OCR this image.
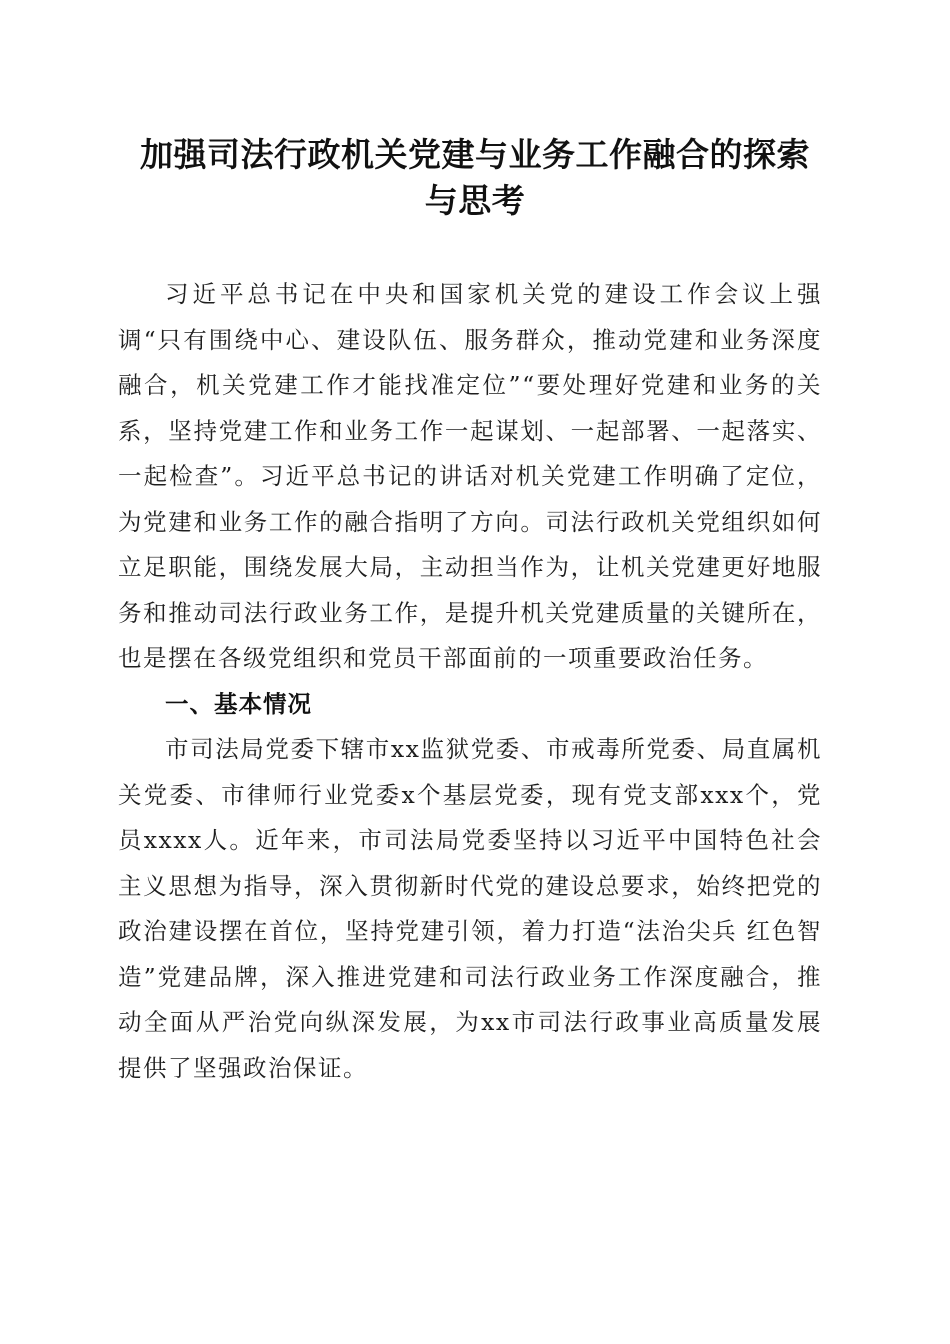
加强司法行政机关党建与业务工作融合的探索与思考

习近平总书记在中央和国家机关党的建设工作会议上强调“只有围绕中心、建设队伍、服务群众，推动党建和业务深度融合，机关党建工作才能找准定位”“要处理好党建和业务的关系，坚持党建工作和业务工作一起谋划、一起部署、一起落实、一起检查”。习近平总书记的讲话对机关党建工作明确了定位，为党建和业务工作的融合指明了方向。司法行政机关党组织如何立足职能，围绕发展大局，主动担当作为，让机关党建更好地服务和推动司法行政业务工作，是提升机关党建质量的关键所在，也是摆在各级党组织和党员干部面前的一项重要政治任务。

一、基本情况

市司法局党委下辖市xx监狱党委、市戒毒所党委、局直属机关党委、市律师行业党委x个基层党委，现有党支部xxx个，党员xxxx人。近年来，市司法局党委坚持以习近平中国特色社会主义思想为指导，深入贯彻新时代党的建设总要求，始终把党的政治建设摆在首位，坚持党建引领，着力打造“法治尖兵 红色智造”党建品牌，深入推进党建和司法行政业务工作深度融合，推动全面从严治党向纵深发展，为xx市司法行政事业高质量发展提供了坚强政治保证。
